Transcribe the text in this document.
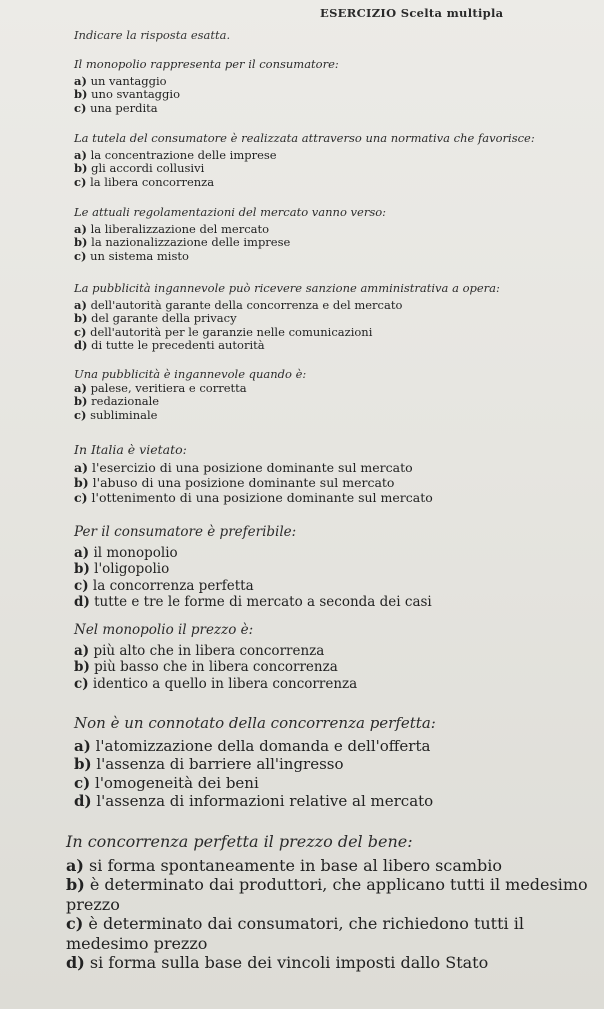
ESERCIZIO Scelta multipla
Indicare la risposta esatta.
Il monopolio rappresenta per il consumatore:
a) un vantaggio
b) uno svantaggio
c) una perdita
La tutela del consumatore è realizzata attraverso una normativa che favorisce:
a) la concentrazione delle imprese
b) gli accordi collusivi
c) la libera concorrenza
Le attuali regolamentazioni del mercato vanno verso:
a) la liberalizzazione del mercato
b) la nazionalizzazione delle imprese
c) un sistema misto
La pubblicità ingannevole può ricevere sanzione amministrativa a opera:
a) dell'autorità garante della concorrenza e del mercato
b) del garante della privacy
c) dell'autorità per le garanzie nelle comunicazioni
d) di tutte le precedenti autorità
Una pubblicità è ingannevole quando è:
a) palese, veritiera e corretta
b) redazionale
c) subliminale
In Italia è vietato:
a) l'esercizio di una posizione dominante sul mercato
b) l'abuso di una posizione dominante sul mercato
c) l'ottenimento di una posizione dominante sul mercato
Per il consumatore è preferibile:
a) il monopolio
b) l'oligopolio
c) la concorrenza perfetta
d) tutte e tre le forme di mercato a seconda dei casi
Nel monopolio il prezzo è:
a) più alto che in libera concorrenza
b) più basso che in libera concorrenza
c) identico a quello in libera concorrenza
Non è un connotato della concorrenza perfetta:
a) l'atomizzazione della domanda e dell'offerta
b) l'assenza di barriere all'ingresso
c) l'omogeneità dei beni
d) l'assenza di informazioni relative al mercato
In concorrenza perfetta il prezzo del bene:
a) si forma spontaneamente in base al libero scambio
b) è determinato dai produttori, che applicano tutti il medesimo prezzo
c) è determinato dai consumatori, che richiedono tutti il medesimo prezzo
d) si forma sulla base dei vincoli imposti dallo Stato
